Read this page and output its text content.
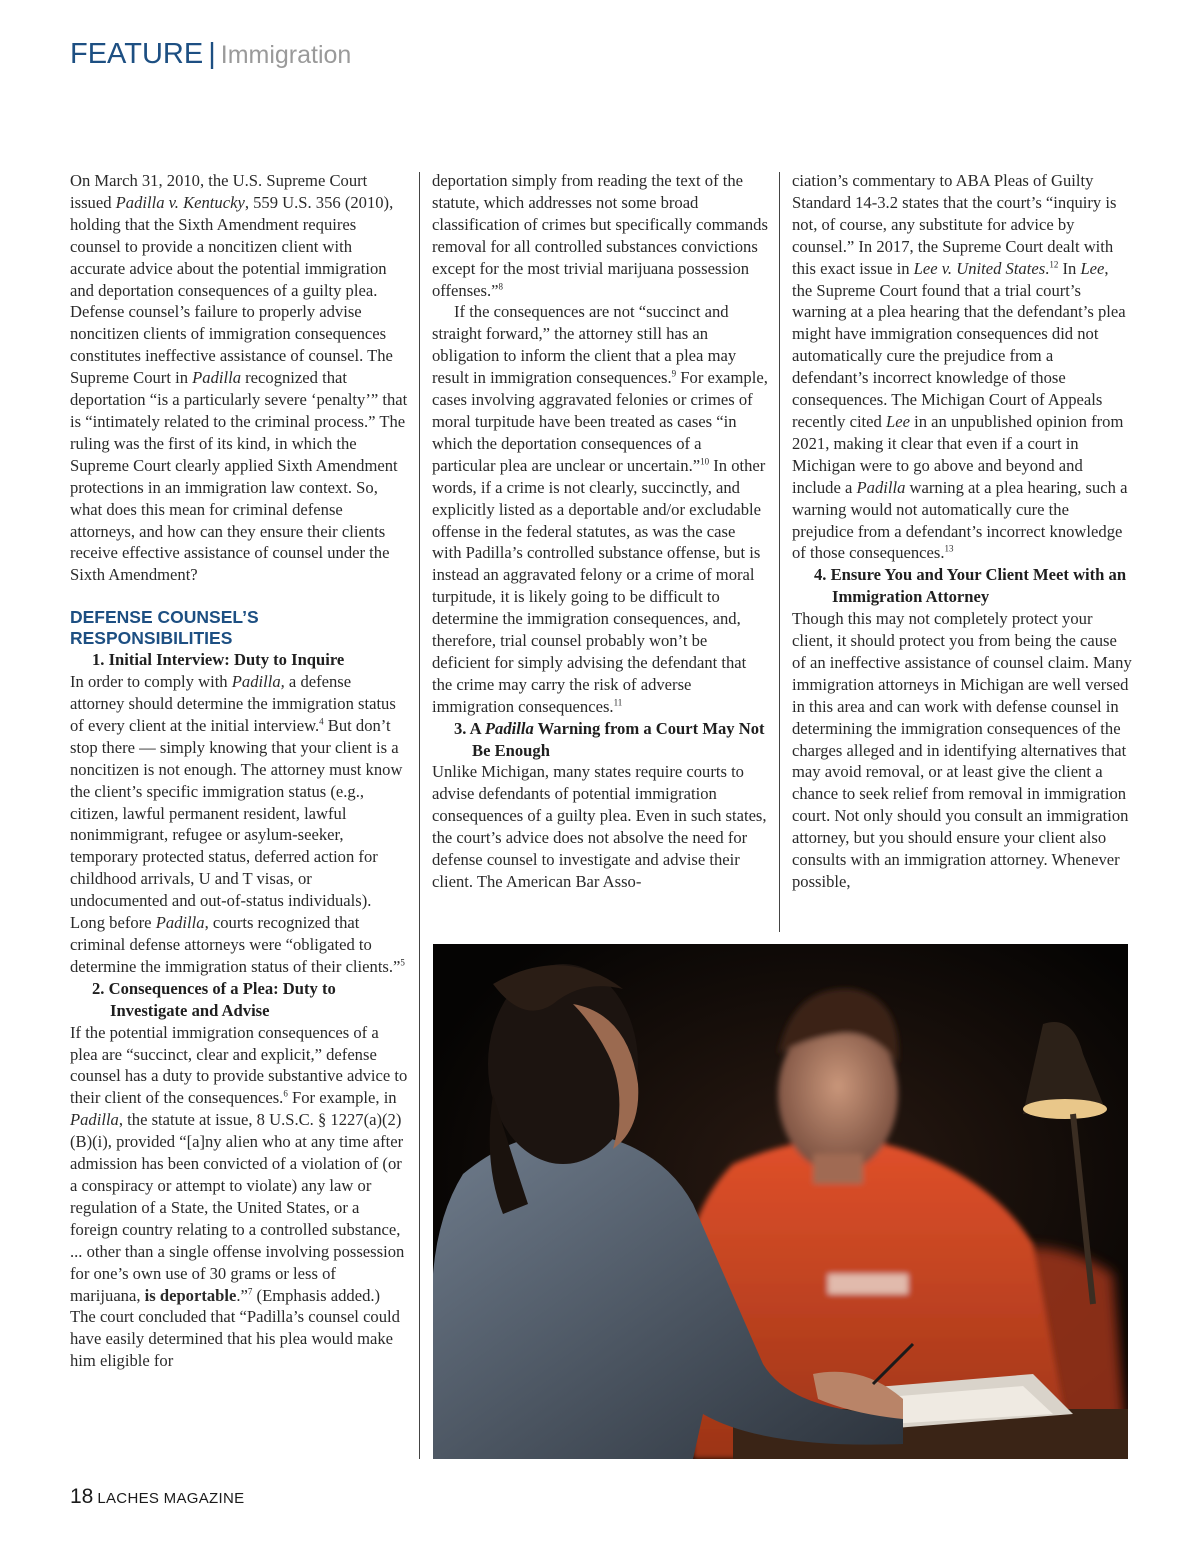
FEATURE | Immigration

On March 31, 2010, the U.S. Supreme Court issued Padilla v. Kentucky, 559 U.S. 356 (2010), holding that the Sixth Amendment requires counsel to provide a noncitizen client with accurate advice about the potential immigration and deportation consequences of a guilty plea. Defense counsel’s failure to properly advise noncitizen clients of immigration consequences constitutes ineffective assistance of counsel. The Supreme Court in Padilla recognized that deportation “is a particularly severe ‘penalty’” that is “intimately related to the criminal process.” The ruling was the first of its kind, in which the Supreme Court clearly applied Sixth Amendment protections in an immigration law context. So, what does this mean for criminal defense attorneys, and how can they ensure their clients receive effective assistance of counsel under the Sixth Amendment?

DEFENSE COUNSEL’S RESPONSIBILITIES

1. Initial Interview: Duty to Inquire

In order to comply with Padilla, a defense attorney should determine the immigration status of every client at the initial interview.$^4$ But don’t stop there — simply knowing that your client is a noncitizen is not enough. The attorney must know the client’s specific immigration status (e.g., citizen, lawful permanent resident, lawful nonimmigrant, refugee or asylum-seeker, temporary protected status, deferred action for childhood arrivals, U and T visas, or undocumented and out-of-status individuals). Long before Padilla, courts recognized that criminal defense attorneys were “obligated to determine the immigration status of their clients.”$^5$

2. Consequences of a Plea: Duty to Investigate and Advise

If the potential immigration consequences of a plea are “succinct, clear and explicit,” defense counsel has a duty to provide substantive advice to their client of the consequences.$^6$ For example, in Padilla, the statute at issue, 8 U.S.C. § 1227(a)(2)(B)(i), provided “[a]ny alien who at any time after admission has been convicted of a violation of (or a conspiracy or attempt to violate) any law or regulation of a State, the United States, or a foreign country relating to a controlled substance, ... other than a single offense involving possession for one’s own use of 30 grams or less of marijuana, is deportable.”$^7$ (Emphasis added.) The court concluded that “Padilla’s counsel could have easily determined that his plea would make him eligible for

deportation simply from reading the text of the statute, which addresses not some broad classification of crimes but specifically commands removal for all controlled substances convictions except for the most trivial marijuana possession offenses.”$^8$

If the consequences are not “succinct and straight forward,” the attorney still has an obligation to inform the client that a plea may result in immigration consequences.$^9$ For example, cases involving aggravated felonies or crimes of moral turpitude have been treated as cases “in which the deportation consequences of a particular plea are unclear or uncertain.”$^{10}$ In other words, if a crime is not clearly, succinctly, and explicitly listed as a deportable and/or excludable offense in the federal statutes, as was the case with Padilla’s controlled substance offense, but is instead an aggravated felony or a crime of moral turpitude, it is likely going to be difficult to determine the immigration consequences, and, therefore, trial counsel probably won’t be deficient for simply advising the defendant that the crime may carry the risk of adverse immigration consequences.$^{11}$

3. A Padilla Warning from a Court May Not Be Enough

Unlike Michigan, many states require courts to advise defendants of potential immigration consequences of a guilty plea. Even in such states, the court’s advice does not absolve the need for defense counsel to investigate and advise their client. The American Bar Asso-

ciation’s commentary to ABA Pleas of Guilty Standard 14-3.2 states that the court’s “inquiry is not, of course, any substitute for advice by counsel.” In 2017, the Supreme Court dealt with this exact issue in Lee v. United States.$^{12}$ In Lee, the Supreme Court found that a trial court’s warning at a plea hearing that the defendant’s plea might have immigration consequences did not automatically cure the prejudice from a defendant’s incorrect knowledge of those consequences. The Michigan Court of Appeals recently cited Lee in an unpublished opinion from 2021, making it clear that even if a court in Michigan were to go above and beyond and include a Padilla warning at a plea hearing, such a warning would not automatically cure the prejudice from a defendant’s incorrect knowledge of those consequences.$^{13}$

4. Ensure You and Your Client Meet with an Immigration Attorney

Though this may not completely protect your client, it should protect you from being the cause of an ineffective assistance of counsel claim. Many immigration attorneys in Michigan are well versed in this area and can work with defense counsel in determining the immigration consequences of the charges alleged and in identifying alternatives that may avoid removal, or at least give the client a chance to seek relief from removal in immigration court. Not only should you consult an immigration attorney, but you should ensure your client also consults with an immigration attorney. Whenever possible,

18 LACHES MAGAZINE
